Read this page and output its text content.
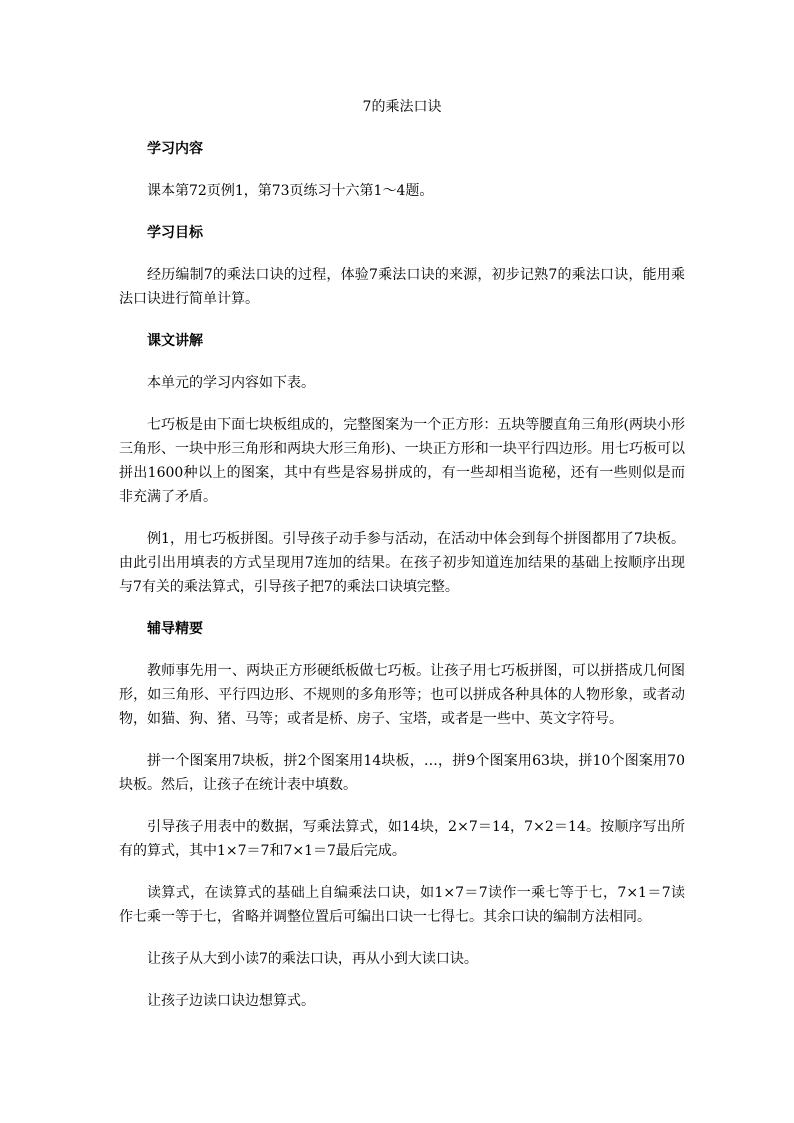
7的乘法口诀
学习内容

课本第72页例1，第73页练习十六第1～4题。

学习目标

经历编制7的乘法口诀的过程，体验7乘法口诀的来源，初步记熟7的乘法口诀，能用乘法口诀进行简单计算。

课文讲解

本单元的学习内容如下表。

七巧板是由下面七块板组成的，完整图案为一个正方形：五块等腰直角三角形(两块小形三角形、一块中形三角形和两块大形三角形)、一块正方形和一块平行四边形。用七巧板可以拼出1600种以上的图案，其中有些是容易拼成的，有一些却相当诡秘，还有一些则似是而非充满了矛盾。

例1，用七巧板拼图。引导孩子动手参与活动，在活动中体会到每个拼图都用了7块板。由此引出用填表的方式呈现用7连加的结果。在孩子初步知道连加结果的基础上按顺序出现与7有关的乘法算式，引导孩子把7的乘法口诀填完整。

辅导精要

教师事先用一、两块正方形硬纸板做七巧板。让孩子用七巧板拼图，可以拼搭成几何图形，如三角形、平行四边形、不规则的多角形等；也可以拼成各种具体的人物形象，或者动物，如猫、狗、猪、马等；或者是桥、房子、宝塔，或者是一些中、英文字符号。

拼一个图案用7块板，拼2个图案用14块板，…，拼9个图案用63块，拼10个图案用70块板。然后，让孩子在统计表中填数。

引导孩子用表中的数据，写乘法算式，如14块，2×7＝14，7×2＝14。按顺序写出所有的算式，其中1×7＝7和7×1＝7最后完成。

读算式，在读算式的基础上自编乘法口诀，如1×7＝7读作一乘七等于七，7×1＝7读作七乘一等于七，省略并调整位置后可编出口诀一七得七。其余口诀的编制方法相同。

让孩子从大到小读7的乘法口诀，再从小到大读口诀。

让孩子边读口诀边想算式。
